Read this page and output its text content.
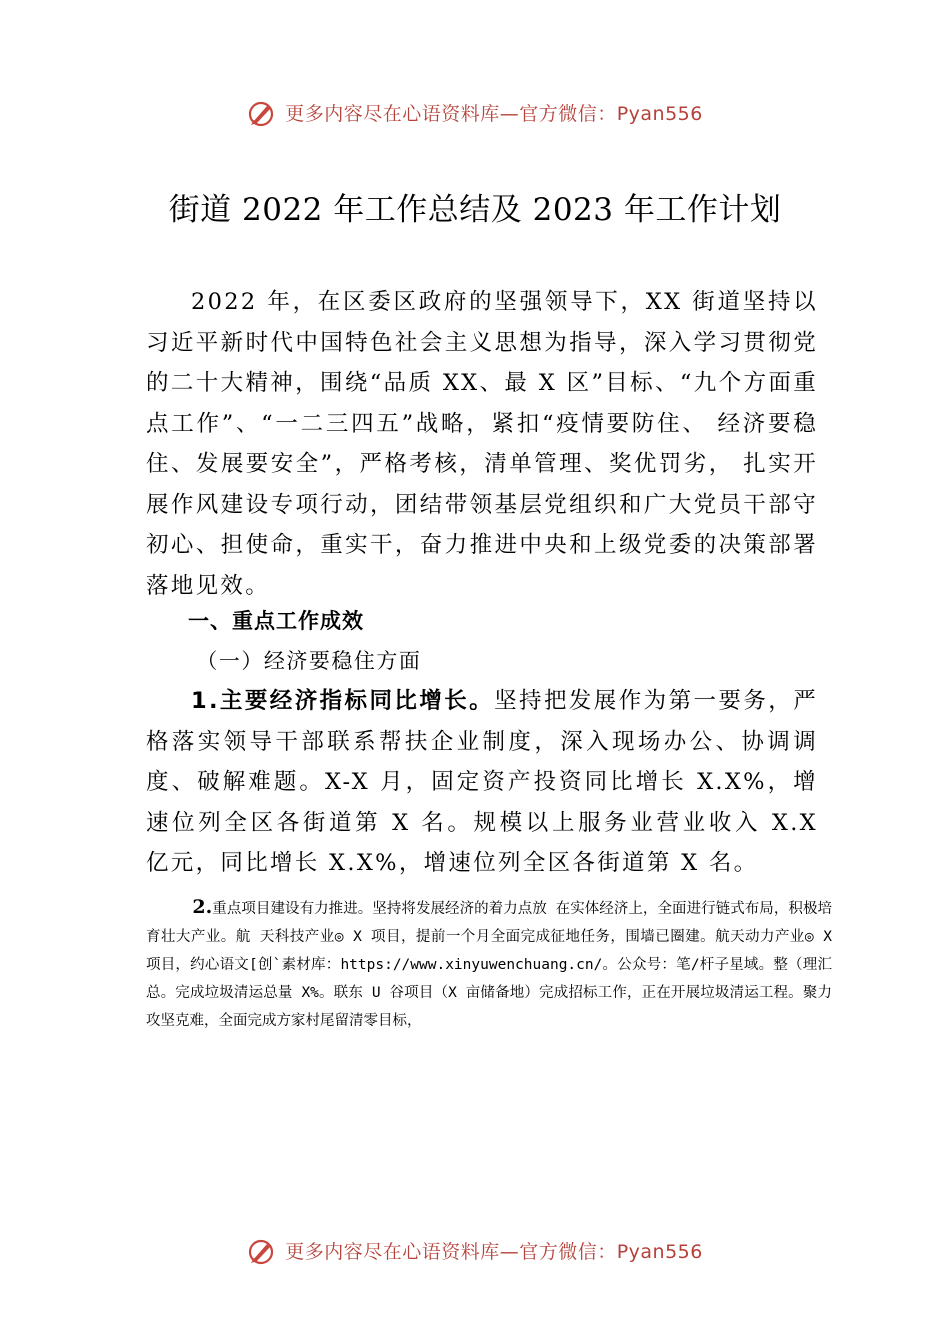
更多内容尽在心语资料库—官方微信：Pyan556
街道 2022 年工作总结及 2023 年工作计划

2022 年，在区委区政府的坚强领导下，XX 街道坚持以习近平新时代中国特色社会主义思想为指导，深入学习贯彻党的二十大精神，围绕“品质 XX、最 X 区”目标、“九个方面重点工作”、“一二三四五”战略，紧扣“疫情要防住、 经济要稳住、发展要安全”，严格考核，清单管理、奖优罚劣， 扎实开展作风建设专项行动，团结带领基层党组织和广大党员干部守初心、担使命，重实干，奋力推进中央和上级党委的决策部署落地见效。

一、重点工作成效

（一）经济要稳住方面

1.主要经济指标同比增长。坚持把发展作为第一要务，严格落实领导干部联系帮扶企业制度，深入现场办公、协调调度、破解难题。X-X 月，固定资产投资同比增长 X.X%，增速位列全区各街道第 X 名。规模以上服务业营业收入 X.X 亿元，同比增长 X.X%，增速位列全区各街道第 X 名。

2.重点项目建设有力推进。坚持将发展经济的着力点放 在实体经济上，全面进行链式布局，积极培育壮大产业。航 天科技产业◎ X 项目，提前一个月全面完成征地任务，围墙已圈建。航天动力产业◎ X 项目，约心语文[创`素材库：https://www.xinyuwenchuang.cn/。公众号：笔/杆子星域。整（理汇总。完成垃圾清运总量 X%。联东 U 谷项目（X 亩储备地）完成招标工作，正在开展垃圾清运工程。聚力攻坚克难，全面完成方家村尾留清零目标，
更多内容尽在心语资料库—官方微信：Pyan556
